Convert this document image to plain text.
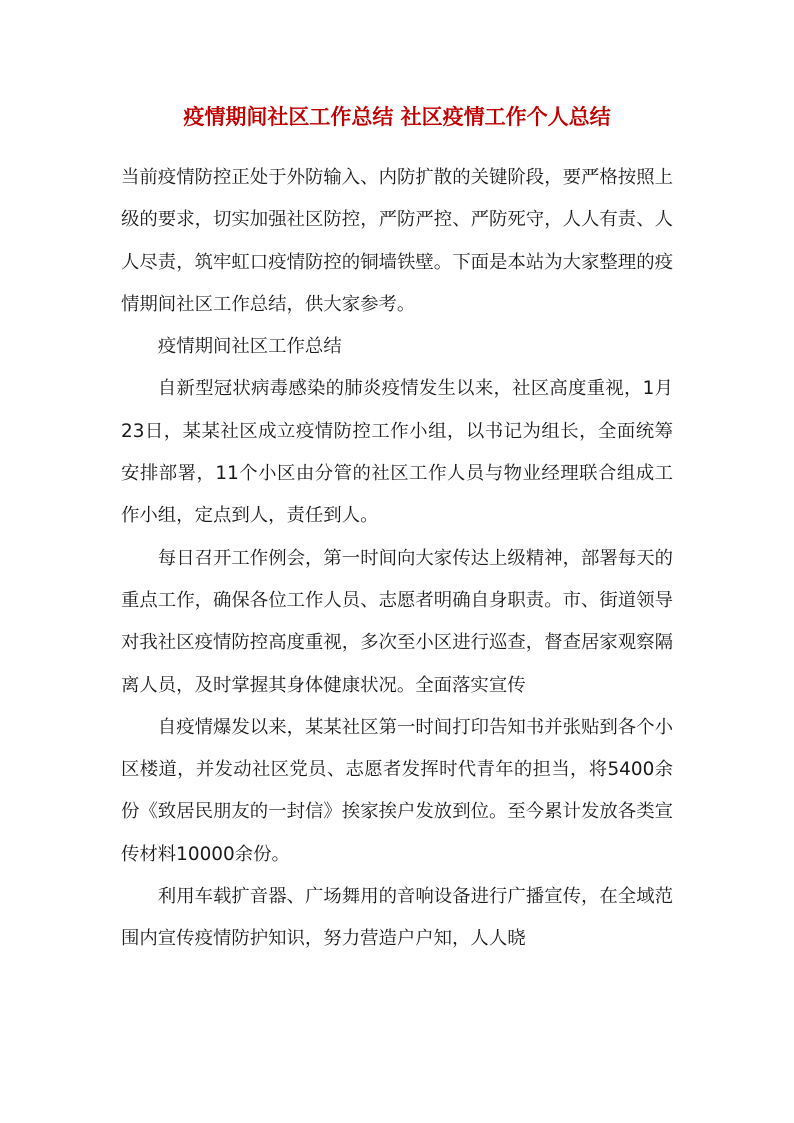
疫情期间社区工作总结 社区疫情工作个人总结

当前疫情防控正处于外防输入、内防扩散的关键阶段，要严格按照上级的要求，切实加强社区防控，严防严控、严防死守，人人有责、人人尽责，筑牢虹口疫情防控的铜墙铁壁。下面是本站为大家整理的疫情期间社区工作总结，供大家参考。

疫情期间社区工作总结

自新型冠状病毒感染的肺炎疫情发生以来，社区高度重视，1月23日，某某社区成立疫情防控工作小组，以书记为组长，全面统筹安排部署，11个小区由分管的社区工作人员与物业经理联合组成工作小组，定点到人，责任到人。

每日召开工作例会，第一时间向大家传达上级精神，部署每天的重点工作，确保各位工作人员、志愿者明确自身职责。市、街道领导对我社区疫情防控高度重视，多次至小区进行巡查，督查居家观察隔离人员，及时掌握其身体健康状况。全面落实宣传

自疫情爆发以来，某某社区第一时间打印告知书并张贴到各个小区楼道，并发动社区党员、志愿者发挥时代青年的担当，将5400余份《致居民朋友的一封信》挨家挨户发放到位。至今累计发放各类宣传材料10000余份。

利用车载扩音器、广场舞用的音响设备进行广播宣传，在全域范围内宣传疫情防护知识，努力营造户户知，人人晓
